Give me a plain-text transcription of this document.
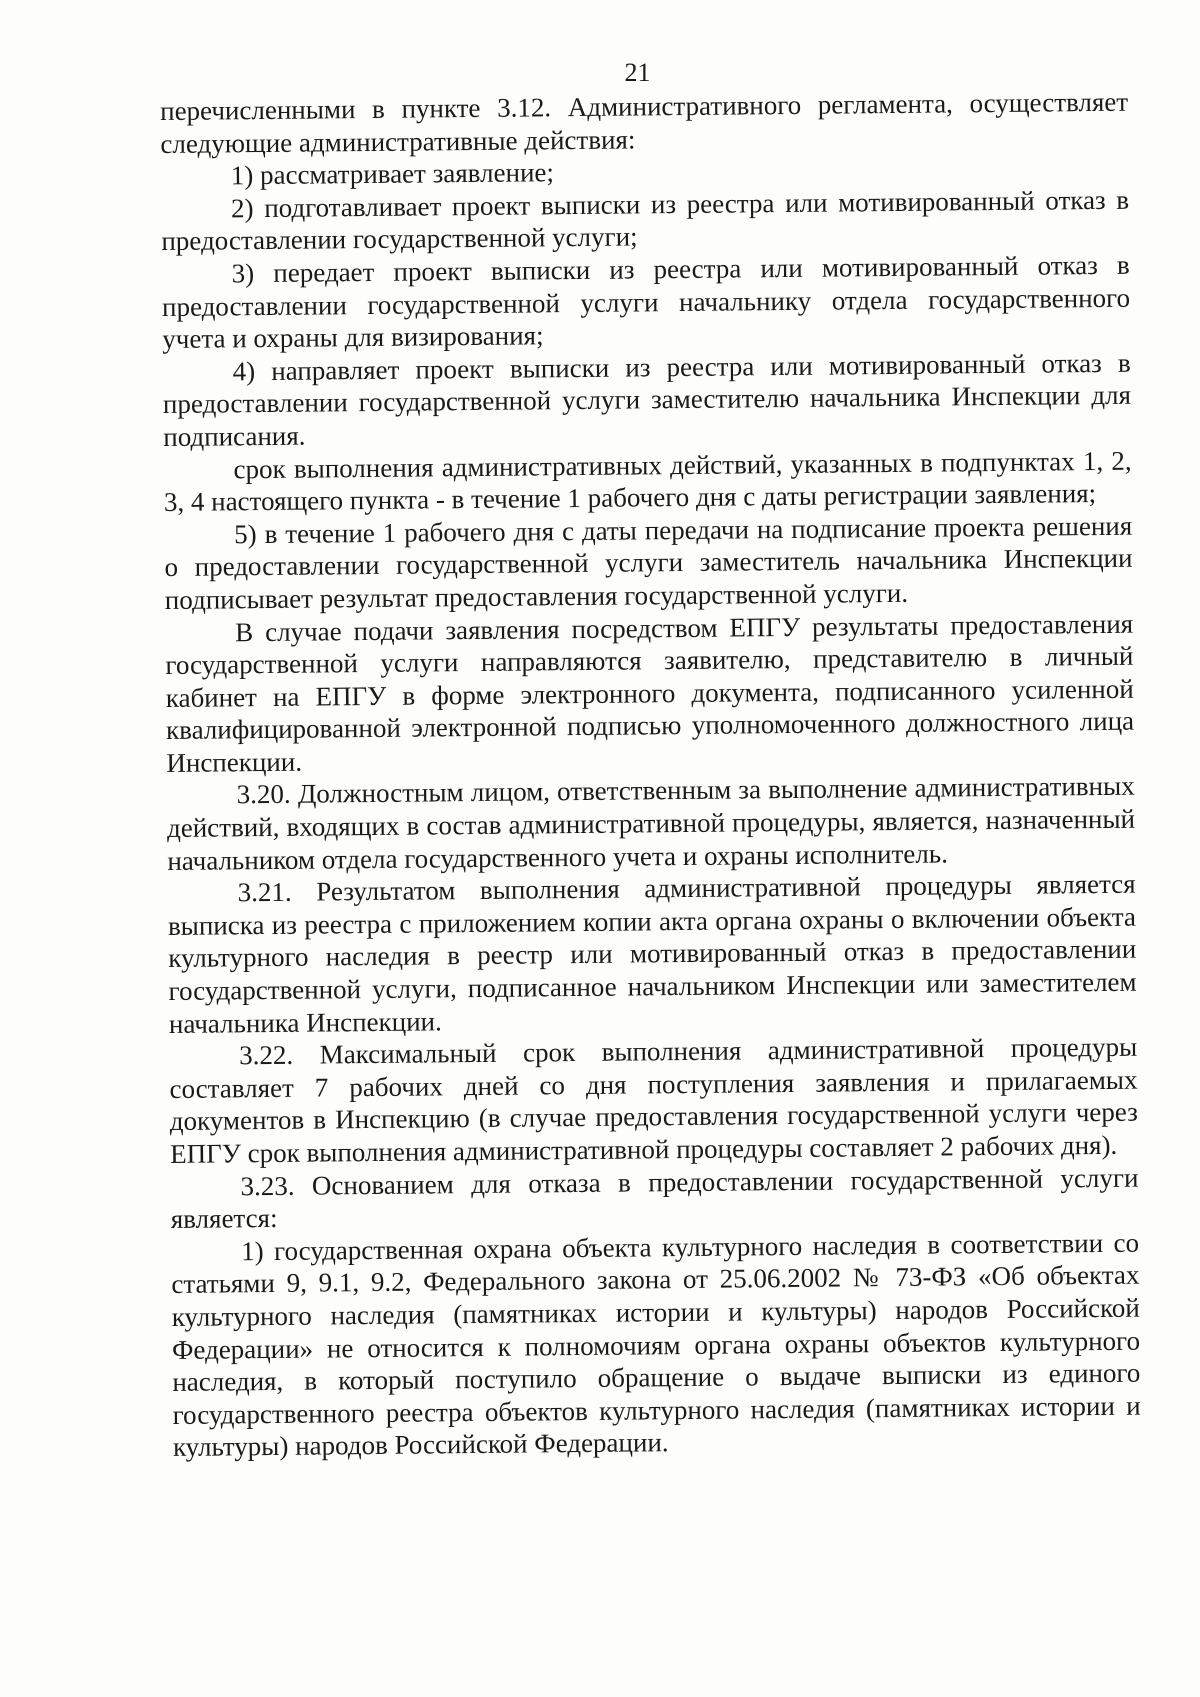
21

перечисленными в пункте 3.12. Административного регламента, осуществляет следующие административные действия:

1) рассматривает заявление;

2) подготавливает проект выписки из реестра или мотивированный отказ в предоставлении государственной услуги;

3) передает проект выписки из реестра или мотивированный отказ в предоставлении государственной услуги начальнику отдела государственного учета и охраны для визирования;

4) направляет проект выписки из реестра или мотивированный отказ в предоставлении государственной услуги заместителю начальника Инспекции для подписания.

срок выполнения административных действий, указанных в подпунктах 1, 2, 3, 4 настоящего пункта - в течение 1 рабочего дня с даты регистрации заявления;

5) в течение 1 рабочего дня с даты передачи на подписание проекта решения о предоставлении государственной услуги заместитель начальника Инспекции подписывает результат предоставления государственной услуги.

В случае подачи заявления посредством ЕПГУ результаты предоставления государственной услуги направляются заявителю, представителю в личный кабинет на ЕПГУ в форме электронного документа, подписанного усиленной квалифицированной электронной подписью уполномоченного должностного лица Инспекции.

3.20. Должностным лицом, ответственным за выполнение административных действий, входящих в состав административной процедуры, является, назначенный начальником отдела государственного учета и охраны исполнитель.

3.21. Результатом выполнения административной процедуры является выписка из реестра с приложением копии акта органа охраны о включении объекта культурного наследия в реестр или мотивированный отказ в предоставлении государственной услуги, подписанное начальником Инспекции или заместителем начальника Инспекции.

3.22. Максимальный срок выполнения административной процедуры составляет 7 рабочих дней со дня поступления заявления и прилагаемых документов в Инспекцию (в случае предоставления государственной услуги через ЕПГУ срок выполнения административной процедуры составляет 2 рабочих дня).

3.23. Основанием для отказа в предоставлении государственной услуги является:

1) государственная охрана объекта культурного наследия в соответствии со статьями 9, 9.1, 9.2, Федерального закона от 25.06.2002 № 73-ФЗ «Об объектах культурного наследия (памятниках истории и культуры) народов Российской Федерации» не относится к полномочиям органа охраны объектов культурного наследия, в который поступило обращение о выдаче выписки из единого государственного реестра объектов культурного наследия (памятниках истории и культуры) народов Российской Федерации.
